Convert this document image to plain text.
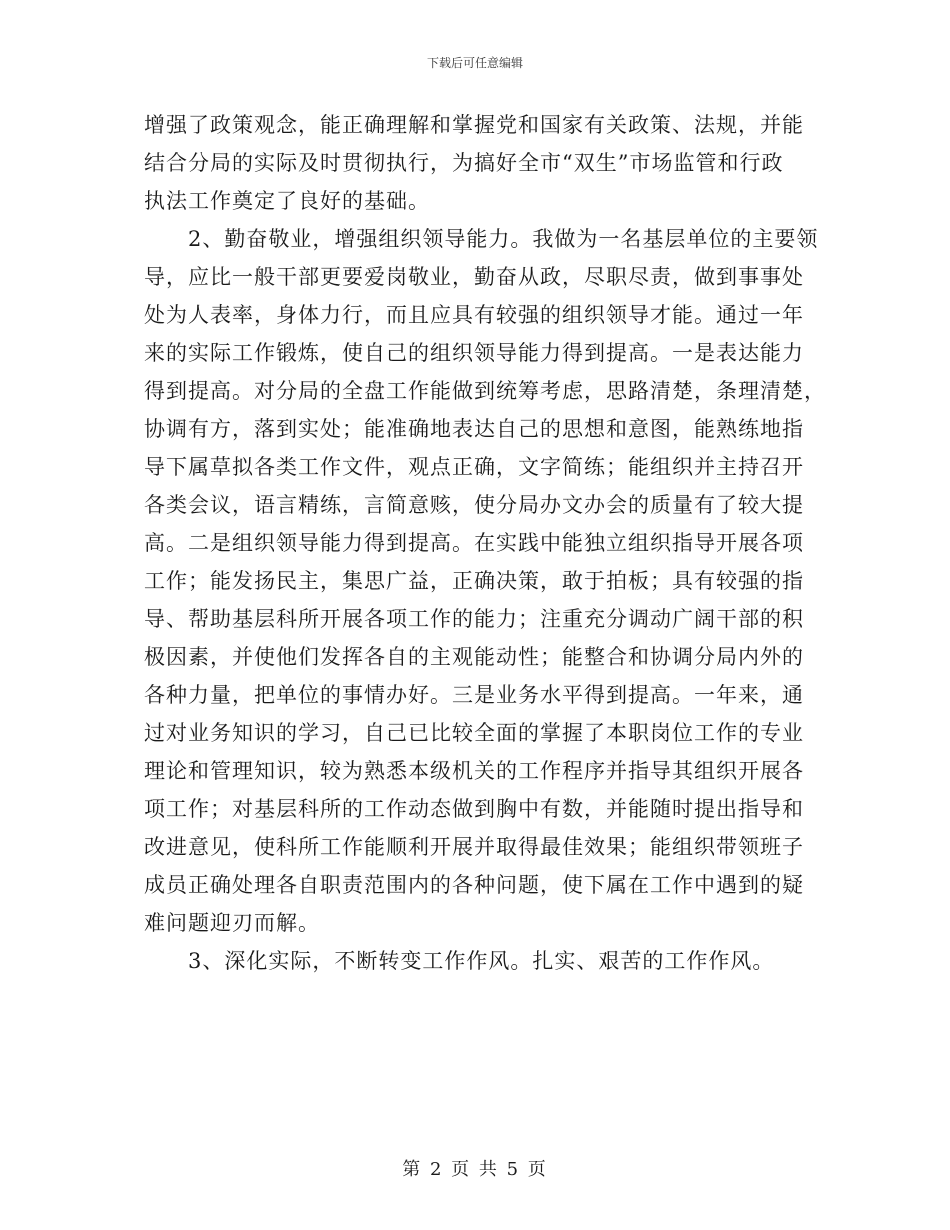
下载后可任意编辑
增强了政策观念，能正确理解和掌握党和国家有关政策、法规，并能
结合分局的实际及时贯彻执行，为搞好全市“双生”市场监管和行政
执法工作奠定了良好的基础。
2、勤奋敬业，增强组织领导能力。我做为一名基层单位的主要领
导，应比一般干部更要爱岗敬业，勤奋从政，尽职尽责，做到事事处
处为人表率，身体力行，而且应具有较强的组织领导才能。通过一年
来的实际工作锻炼，使自己的组织领导能力得到提高。一是表达能力
得到提高。对分局的全盘工作能做到统筹考虑，思路清楚，条理清楚，
协调有方，落到实处；能准确地表达自己的思想和意图，能熟练地指
导下属草拟各类工作文件，观点正确，文字简练；能组织并主持召开
各类会议，语言精练，言简意赅，使分局办文办会的质量有了较大提
高。二是组织领导能力得到提高。在实践中能独立组织指导开展各项
工作；能发扬民主，集思广益，正确决策，敢于拍板；具有较强的指
导、帮助基层科所开展各项工作的能力；注重充分调动广阔干部的积
极因素，并使他们发挥各自的主观能动性；能整合和协调分局内外的
各种力量，把单位的事情办好。三是业务水平得到提高。一年来，通
过对业务知识的学习，自己已比较全面的掌握了本职岗位工作的专业
理论和管理知识，较为熟悉本级机关的工作程序并指导其组织开展各
项工作；对基层科所的工作动态做到胸中有数，并能随时提出指导和
改进意见，使科所工作能顺利开展并取得最佳效果；能组织带领班子
成员正确处理各自职责范围内的各种问题，使下属在工作中遇到的疑
难问题迎刃而解。
3、深化实际，不断转变工作作风。扎实、艰苦的工作作风。
第 2 页 共 5 页
